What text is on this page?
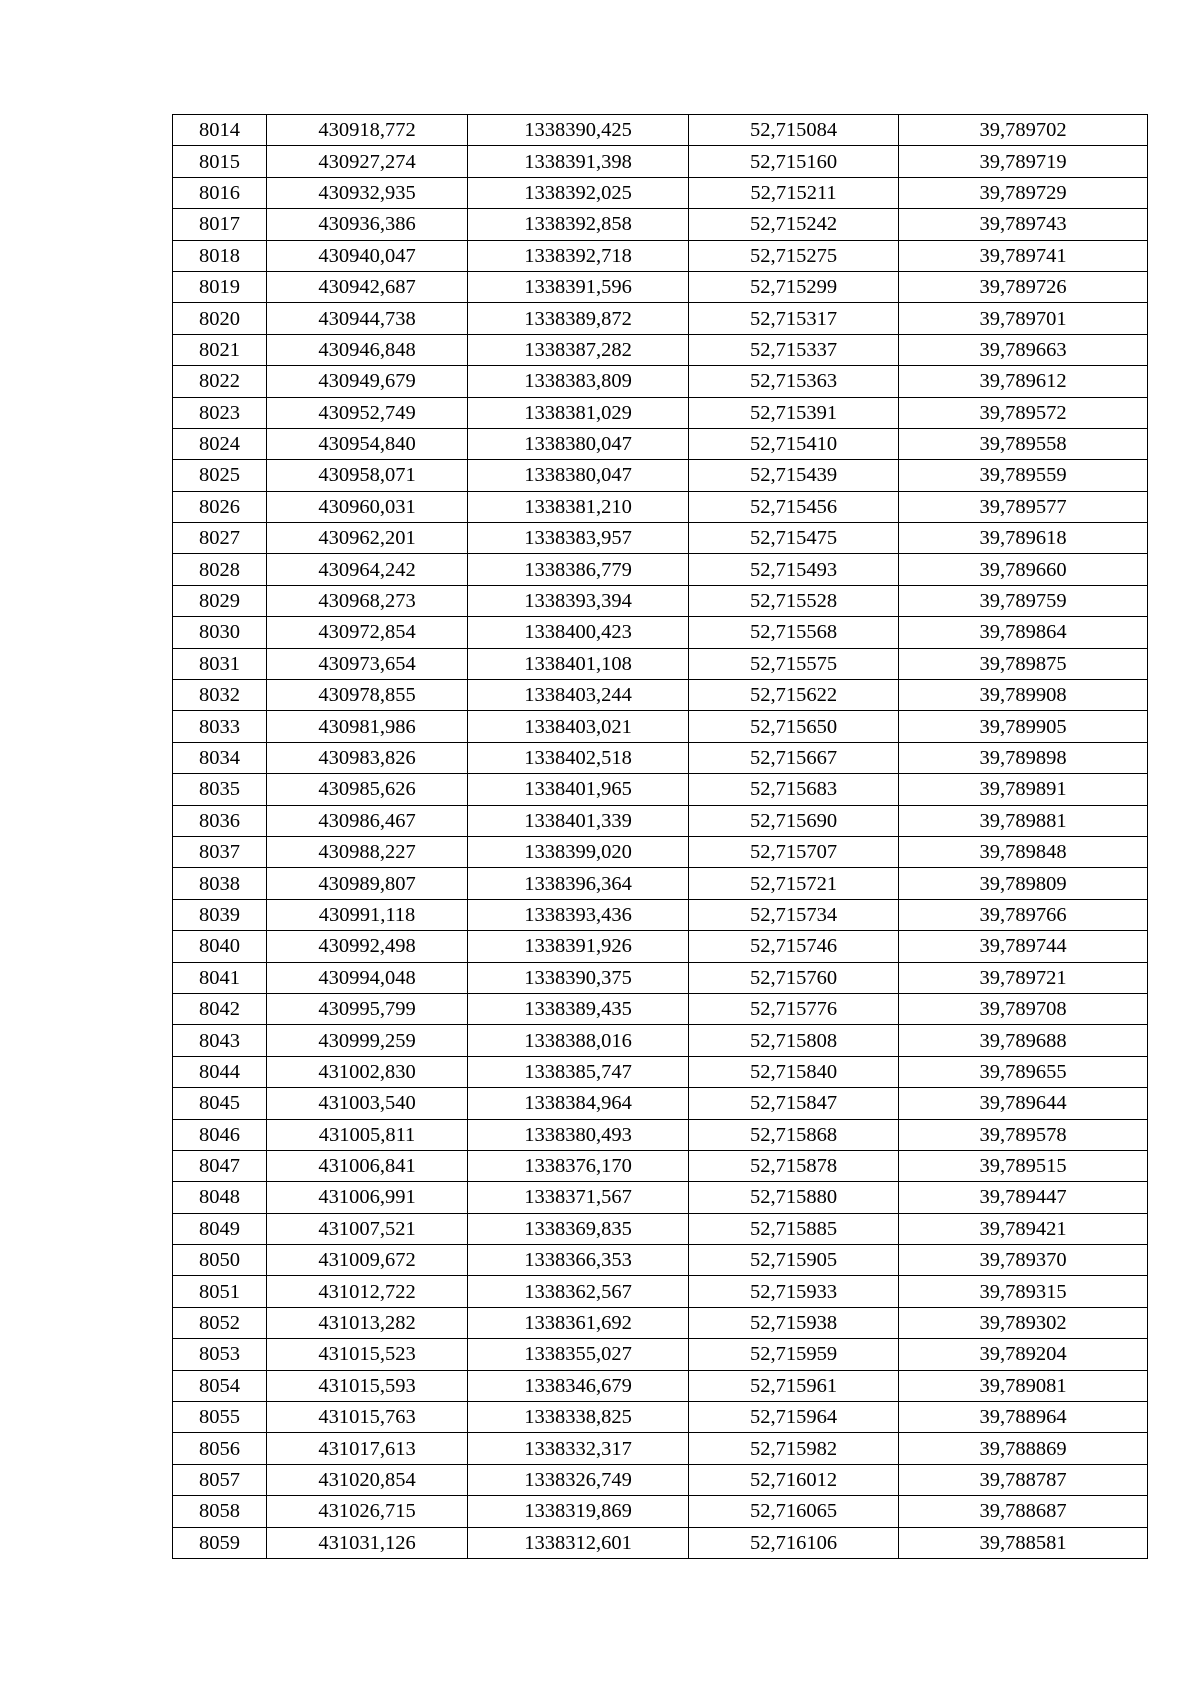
8014	430918,772	1338390,425	52,715084	39,789702
8015	430927,274	1338391,398	52,715160	39,789719
8016	430932,935	1338392,025	52,715211	39,789729
8017	430936,386	1338392,858	52,715242	39,789743
8018	430940,047	1338392,718	52,715275	39,789741
8019	430942,687	1338391,596	52,715299	39,789726
8020	430944,738	1338389,872	52,715317	39,789701
8021	430946,848	1338387,282	52,715337	39,789663
8022	430949,679	1338383,809	52,715363	39,789612
8023	430952,749	1338381,029	52,715391	39,789572
8024	430954,840	1338380,047	52,715410	39,789558
8025	430958,071	1338380,047	52,715439	39,789559
8026	430960,031	1338381,210	52,715456	39,789577
8027	430962,201	1338383,957	52,715475	39,789618
8028	430964,242	1338386,779	52,715493	39,789660
8029	430968,273	1338393,394	52,715528	39,789759
8030	430972,854	1338400,423	52,715568	39,789864
8031	430973,654	1338401,108	52,715575	39,789875
8032	430978,855	1338403,244	52,715622	39,789908
8033	430981,986	1338403,021	52,715650	39,789905
8034	430983,826	1338402,518	52,715667	39,789898
8035	430985,626	1338401,965	52,715683	39,789891
8036	430986,467	1338401,339	52,715690	39,789881
8037	430988,227	1338399,020	52,715707	39,789848
8038	430989,807	1338396,364	52,715721	39,789809
8039	430991,118	1338393,436	52,715734	39,789766
8040	430992,498	1338391,926	52,715746	39,789744
8041	430994,048	1338390,375	52,715760	39,789721
8042	430995,799	1338389,435	52,715776	39,789708
8043	430999,259	1338388,016	52,715808	39,789688
8044	431002,830	1338385,747	52,715840	39,789655
8045	431003,540	1338384,964	52,715847	39,789644
8046	431005,811	1338380,493	52,715868	39,789578
8047	431006,841	1338376,170	52,715878	39,789515
8048	431006,991	1338371,567	52,715880	39,789447
8049	431007,521	1338369,835	52,715885	39,789421
8050	431009,672	1338366,353	52,715905	39,789370
8051	431012,722	1338362,567	52,715933	39,789315
8052	431013,282	1338361,692	52,715938	39,789302
8053	431015,523	1338355,027	52,715959	39,789204
8054	431015,593	1338346,679	52,715961	39,789081
8055	431015,763	1338338,825	52,715964	39,788964
8056	431017,613	1338332,317	52,715982	39,788869
8057	431020,854	1338326,749	52,716012	39,788787
8058	431026,715	1338319,869	52,716065	39,788687
8059	431031,126	1338312,601	52,716106	39,788581
